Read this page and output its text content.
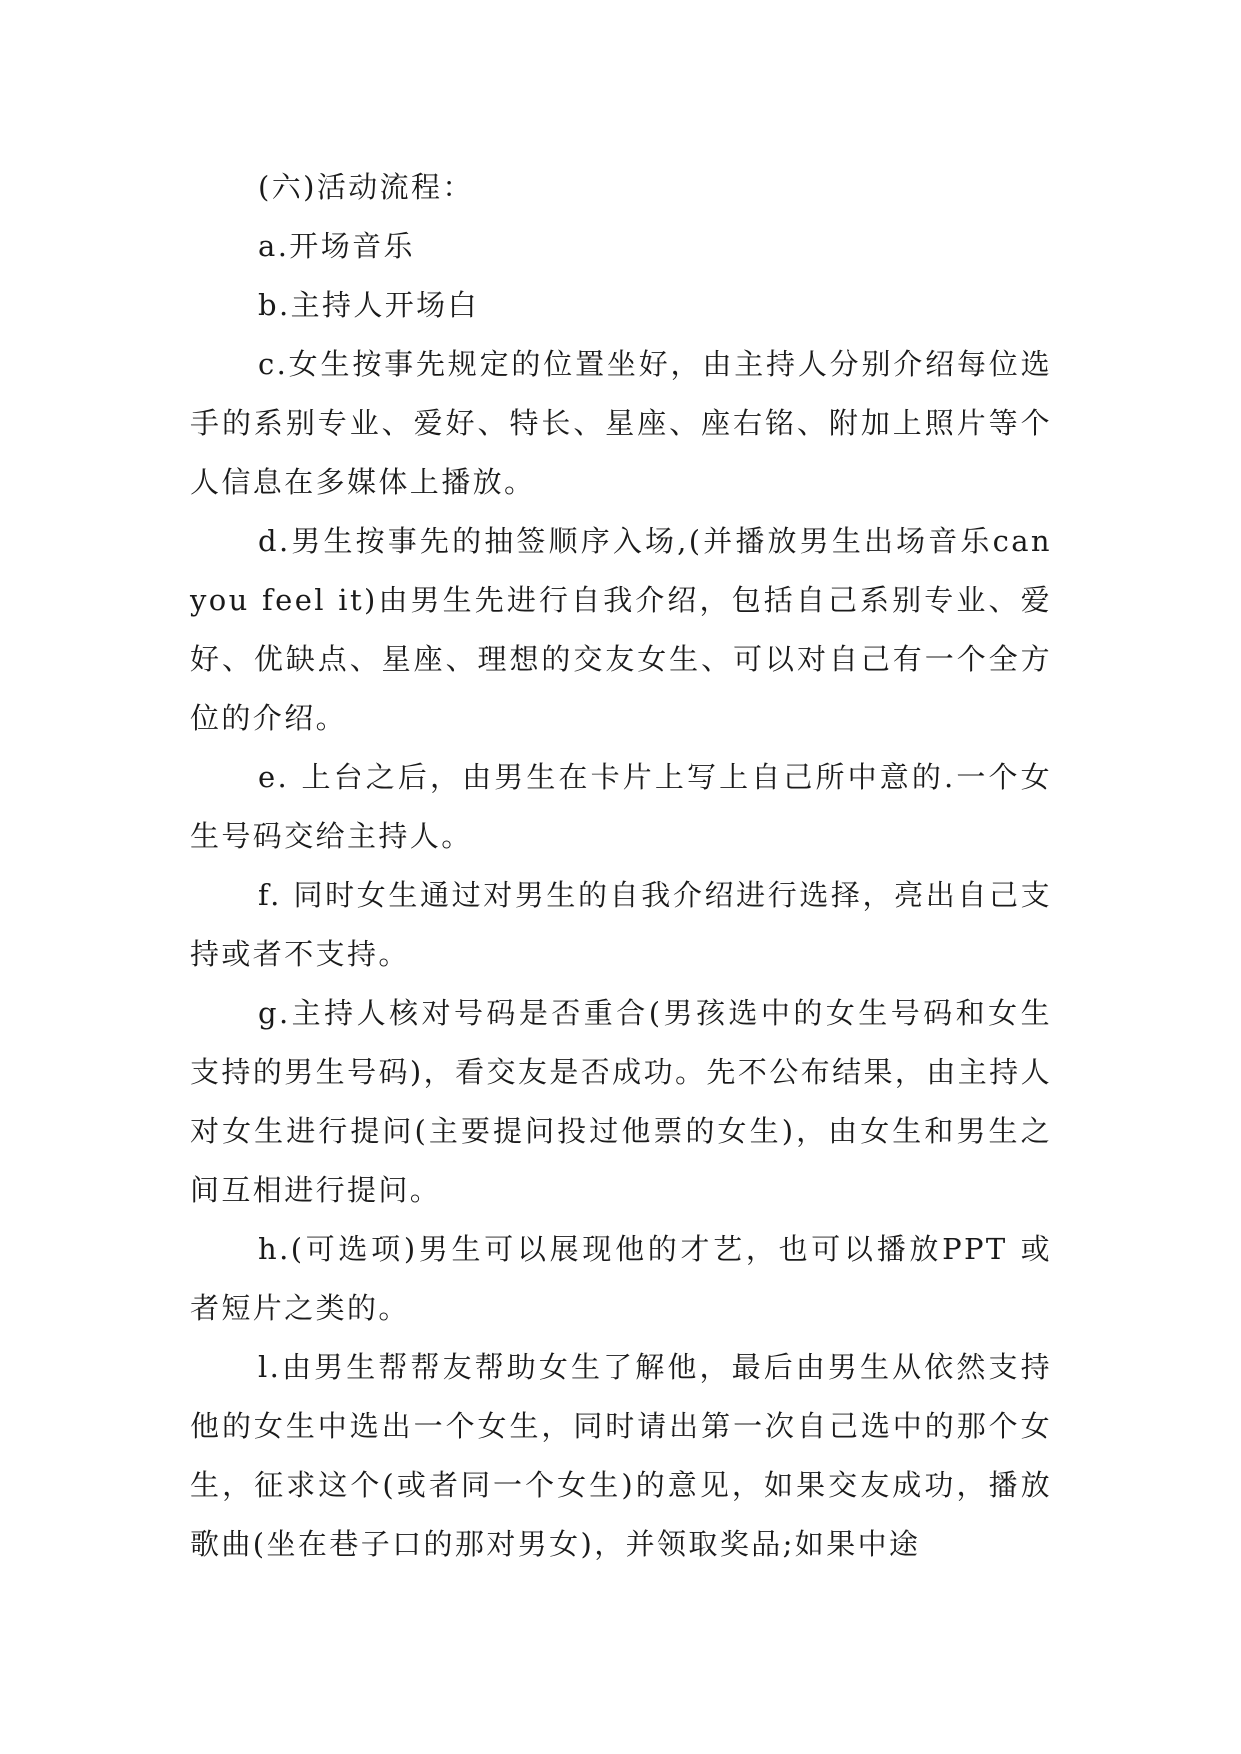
(六)活动流程：

a.开场音乐

b.主持人开场白

c.女生按事先规定的位置坐好，由主持人分别介绍每位选手的系别专业、爱好、特长、星座、座右铭、附加上照片等个人信息在多媒体上播放。

d.男生按事先的抽签顺序入场,(并播放男生出场音乐can you feel it)由男生先进行自我介绍，包括自己系别专业、爱好、优缺点、星座、理想的交友女生、可以对自己有一个全方位的介绍。

e. 上台之后，由男生在卡片上写上自己所中意的.一个女生号码交给主持人。

f. 同时女生通过对男生的自我介绍进行选择，亮出自己支持或者不支持。

g.主持人核对号码是否重合(男孩选中的女生号码和女生支持的男生号码)，看交友是否成功。先不公布结果，由主持人对女生进行提问(主要提问投过他票的女生)，由女生和男生之间互相进行提问。

h.(可选项)男生可以展现他的才艺，也可以播放PPT 或者短片之类的。

l.由男生帮帮友帮助女生了解他，最后由男生从依然支持他的女生中选出一个女生，同时请出第一次自己选中的那个女生，征求这个(或者同一个女生)的意见，如果交友成功，播放歌曲(坐在巷子口的那对男女)，并领取奖品;如果中途
